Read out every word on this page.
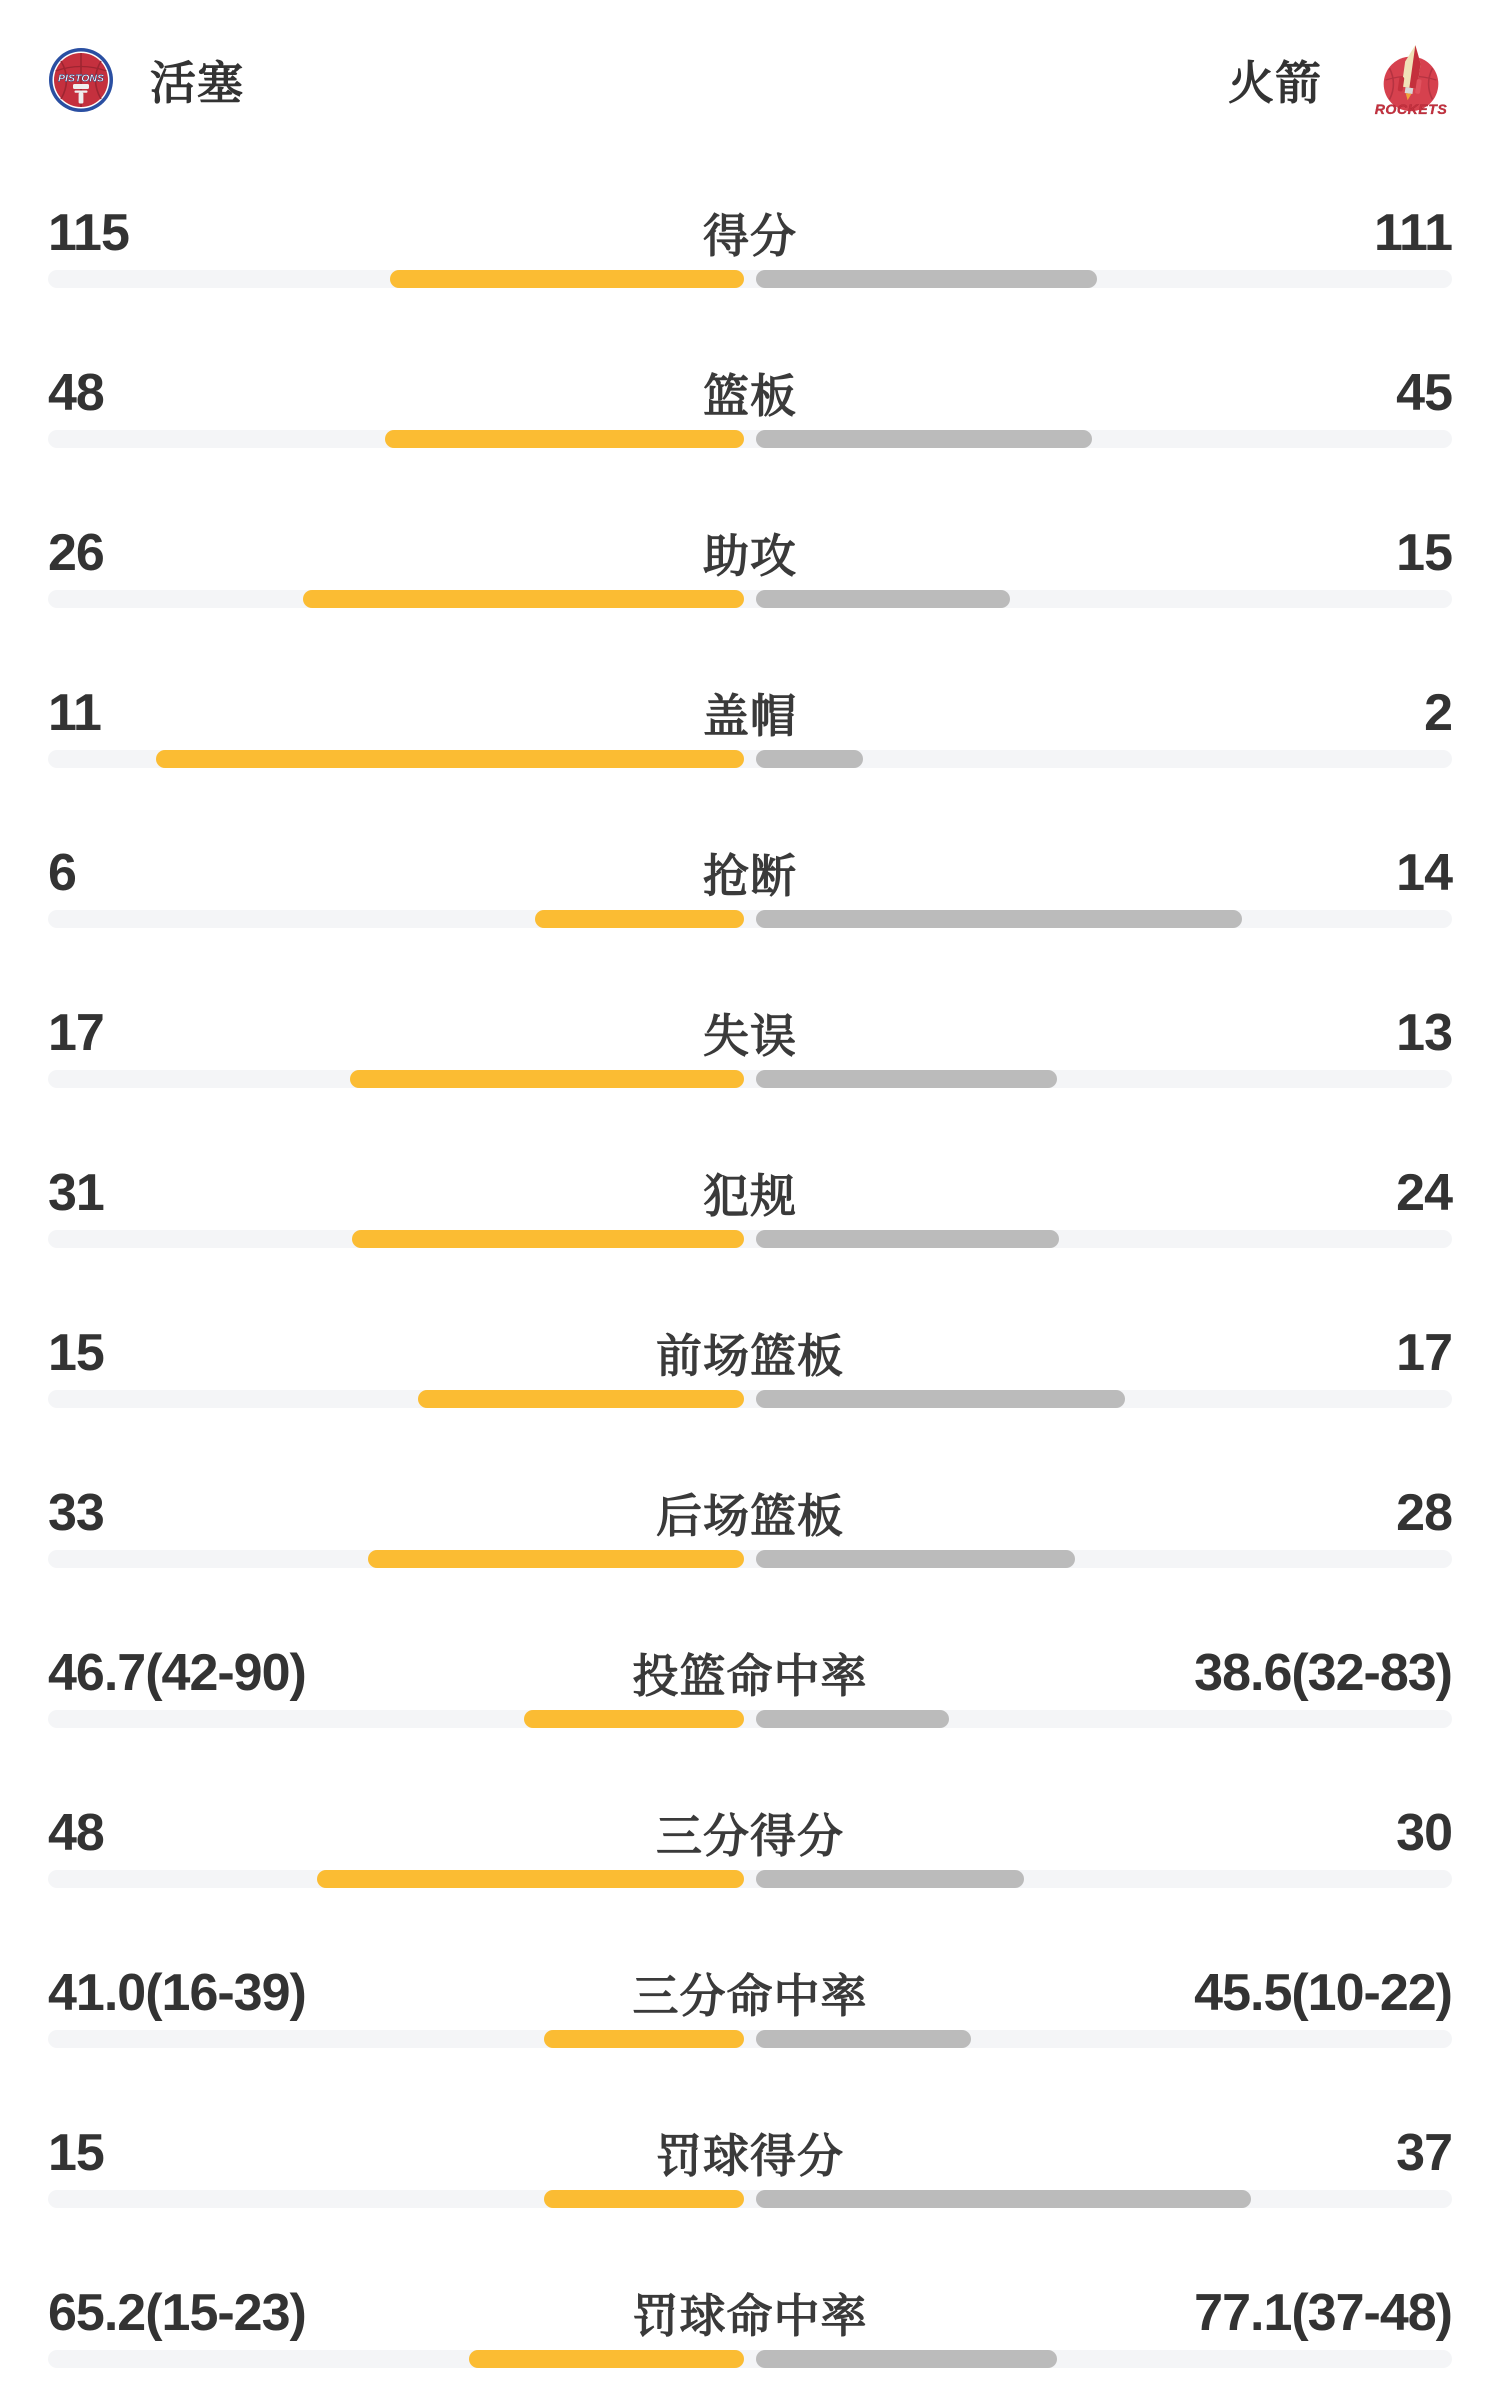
PISTONS 活塞	火箭
ROCKETS
115	得分	111
48	篮板	45
26	助攻	15
11	盖帽	2
6	抢断	14
17	失误	13
31	犯规	24
15	前场篮板	17
33	后场篮板	28
46.7(42-90)	投篮命中率	38.6(32-83)
48	三分得分	30
41.0(16-39)	三分命中率	45.5(10-22)
15	罚球得分	37
65.2(15-23)	罚球命中率	77.1(37-48)
